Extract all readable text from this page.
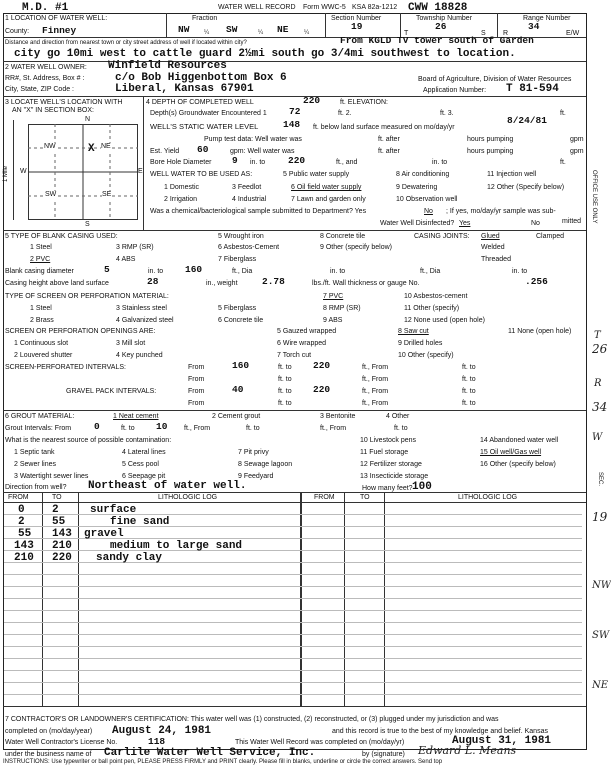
M.D. #1	WATER WELL RECORD Form WWC-5 KSA 82a-1212 CWW 18828
1 LOCATION OF WATER WELL:
County: Finney
Fraction
NW ¼ SW	¼ NE	¼
Section Number
19
Township Number
T
26
S
Range Number
R
34
E/W
Distance and direction from nearest town or city street address of well if located within city?	From KGLD TV tower south of Garden
city go 10mi west to cattle guard 2½mi south go 3/4mi southwest to location.
2 WATER WELL OWNER: Winfield Resources
RR#, St. Address, Box # :	c/o Bob Higgenbottom Box 6	Board of Agriculture, Division of Water Resources
City, State, ZIP Code :	Liberal, Kansas 67901	Application Number: T 81-594
3 LOCATE WELL'S LOCATION WITH
AN "X" IN SECTION BOX:
N
S
W	E
1 Mile
NW	X NE
SW	SE
4 DEPTH OF COMPLETED WELL	220	ft. ELEVATION:
Depth(s) Groundwater Encountered 1 72	ft. 2.	ft. 3.	ft.
WELL'S STATIC WATER LEVEL	148 ft. below land surface measured on mo/day/yr
8/24/81
Pump test data: Well water was	ft. after	hours pumping	gpm
Est. Yield 60	gpm: Well water was	ft. after	hours pumping	gpm
Bore Hole Diameter 9 in. to 220	ft., and	in. to	ft.
WELL WATER TO BE USED AS:	5 Public water supply	8 Air conditioning	11 Injection well
1 Domestic	3 Feedlot	6 Oil field water supply	9 Dewatering	12 Other (Specify below)
2 Irrigation	4 Industrial	7 Lawn and garden only	10 Observation well
Was a chemical/bacteriological sample submitted to Department? Yes	No ; If yes, mo/day/yr sample was sub-
mitted
Water Well Disinfected? Yes	No
5 TYPE OF BLANK CASING USED:	5 Wrought iron	8 Concrete tile	CASING JOINTS: Glued	Clamped
1 Steel	3 RMP (SR)	6 Asbestos-Cement	9 Other (specify below)	Welded
2 PVC	4 ABS	7 Fiberglass	Threaded
Blank casing diameter	5	in. to 160	ft., Dia	in. to	ft., Dia	in. to
Casing height above land surface	28	in., weight	2.78	lbs./ft. Wall thickness or gauge No.	.256
TYPE OF SCREEN OR PERFORATION MATERIAL:	7 PVC	10 Asbestos-cement
1 Steel	3 Stainless steel	5 Fiberglass	8 RMP (SR)	11 Other (specify)
2 Brass	4 Galvanized steel	6 Concrete tile	9 ABS	12 None used (open hole)
SCREEN OR PERFORATION OPENINGS ARE:	5 Gauzed wrapped	8 Saw cut	11 None (open hole)
1 Continuous slot	3 Mill slot	6 Wire wrapped	9 Drilled holes
2 Louvered shutter	4 Key punched	7 Torch cut	10 Other (specify)
SCREEN-PERFORATED INTERVALS:	From	160	ft. to 220	ft., From	ft. to
From	ft. to	ft., From	ft. to
GRAVEL PACK INTERVALS:	From	40	ft. to 220	ft., From	ft. to
From	ft. to	ft., From	ft. to
6 GROUT MATERIAL:	1 Neat cement	2 Cement grout	3 Bentonite	4 Other
Grout Intervals: From 0	ft. to 10 ft., From	ft. to	ft., From	ft. to
What is the nearest source of possible contamination:	10 Livestock pens	14 Abandoned water well
1 Septic tank	4 Lateral lines	7 Pit privy	11 Fuel storage	15 Oil well/Gas well
2 Sewer lines	5 Cess pool	8 Sewage lagoon	12 Fertilizer storage	16 Other (specify below)
3 Watertight sewer lines	6 Seepage pit	9 Feedyard	13 Insecticide storage
Direction from well? Northeast of water well.	How many feet? 100
FROM	TO	LITHOLOGIC LOG	FROM	TO	LITHOLOGIC LOG
0 2	surface
2 55	fine sand
55 143 gravel
143 210	medium to large sand
210 220 sandy clay
7 CONTRACTOR'S OR LANDOWNER'S CERTIFICATION: This water well was (1) constructed, (2) reconstructed, or (3) plugged under my jurisdiction and was
completed on (mo/day/year) August 24, 1981	and this record is true to the best of my knowledge and belief. Kansas
Water Well Contractor's License No.	118	This Water Well Record was completed on (mo/day/yr)	August 31, 1981
under the business name of Carlile Water Well Service, Inc.	by (signature) Edward L. Means
INSTRUCTIONS: Use typewriter or ball point pen, PLEASE PRESS FIRMLY and PRINT clearly. Please fill in blanks, underline or circle the correct answers. Send top
OFFICE USE ONLY
SEC.
T
26
R
34
W
19
NW
SW
NE
